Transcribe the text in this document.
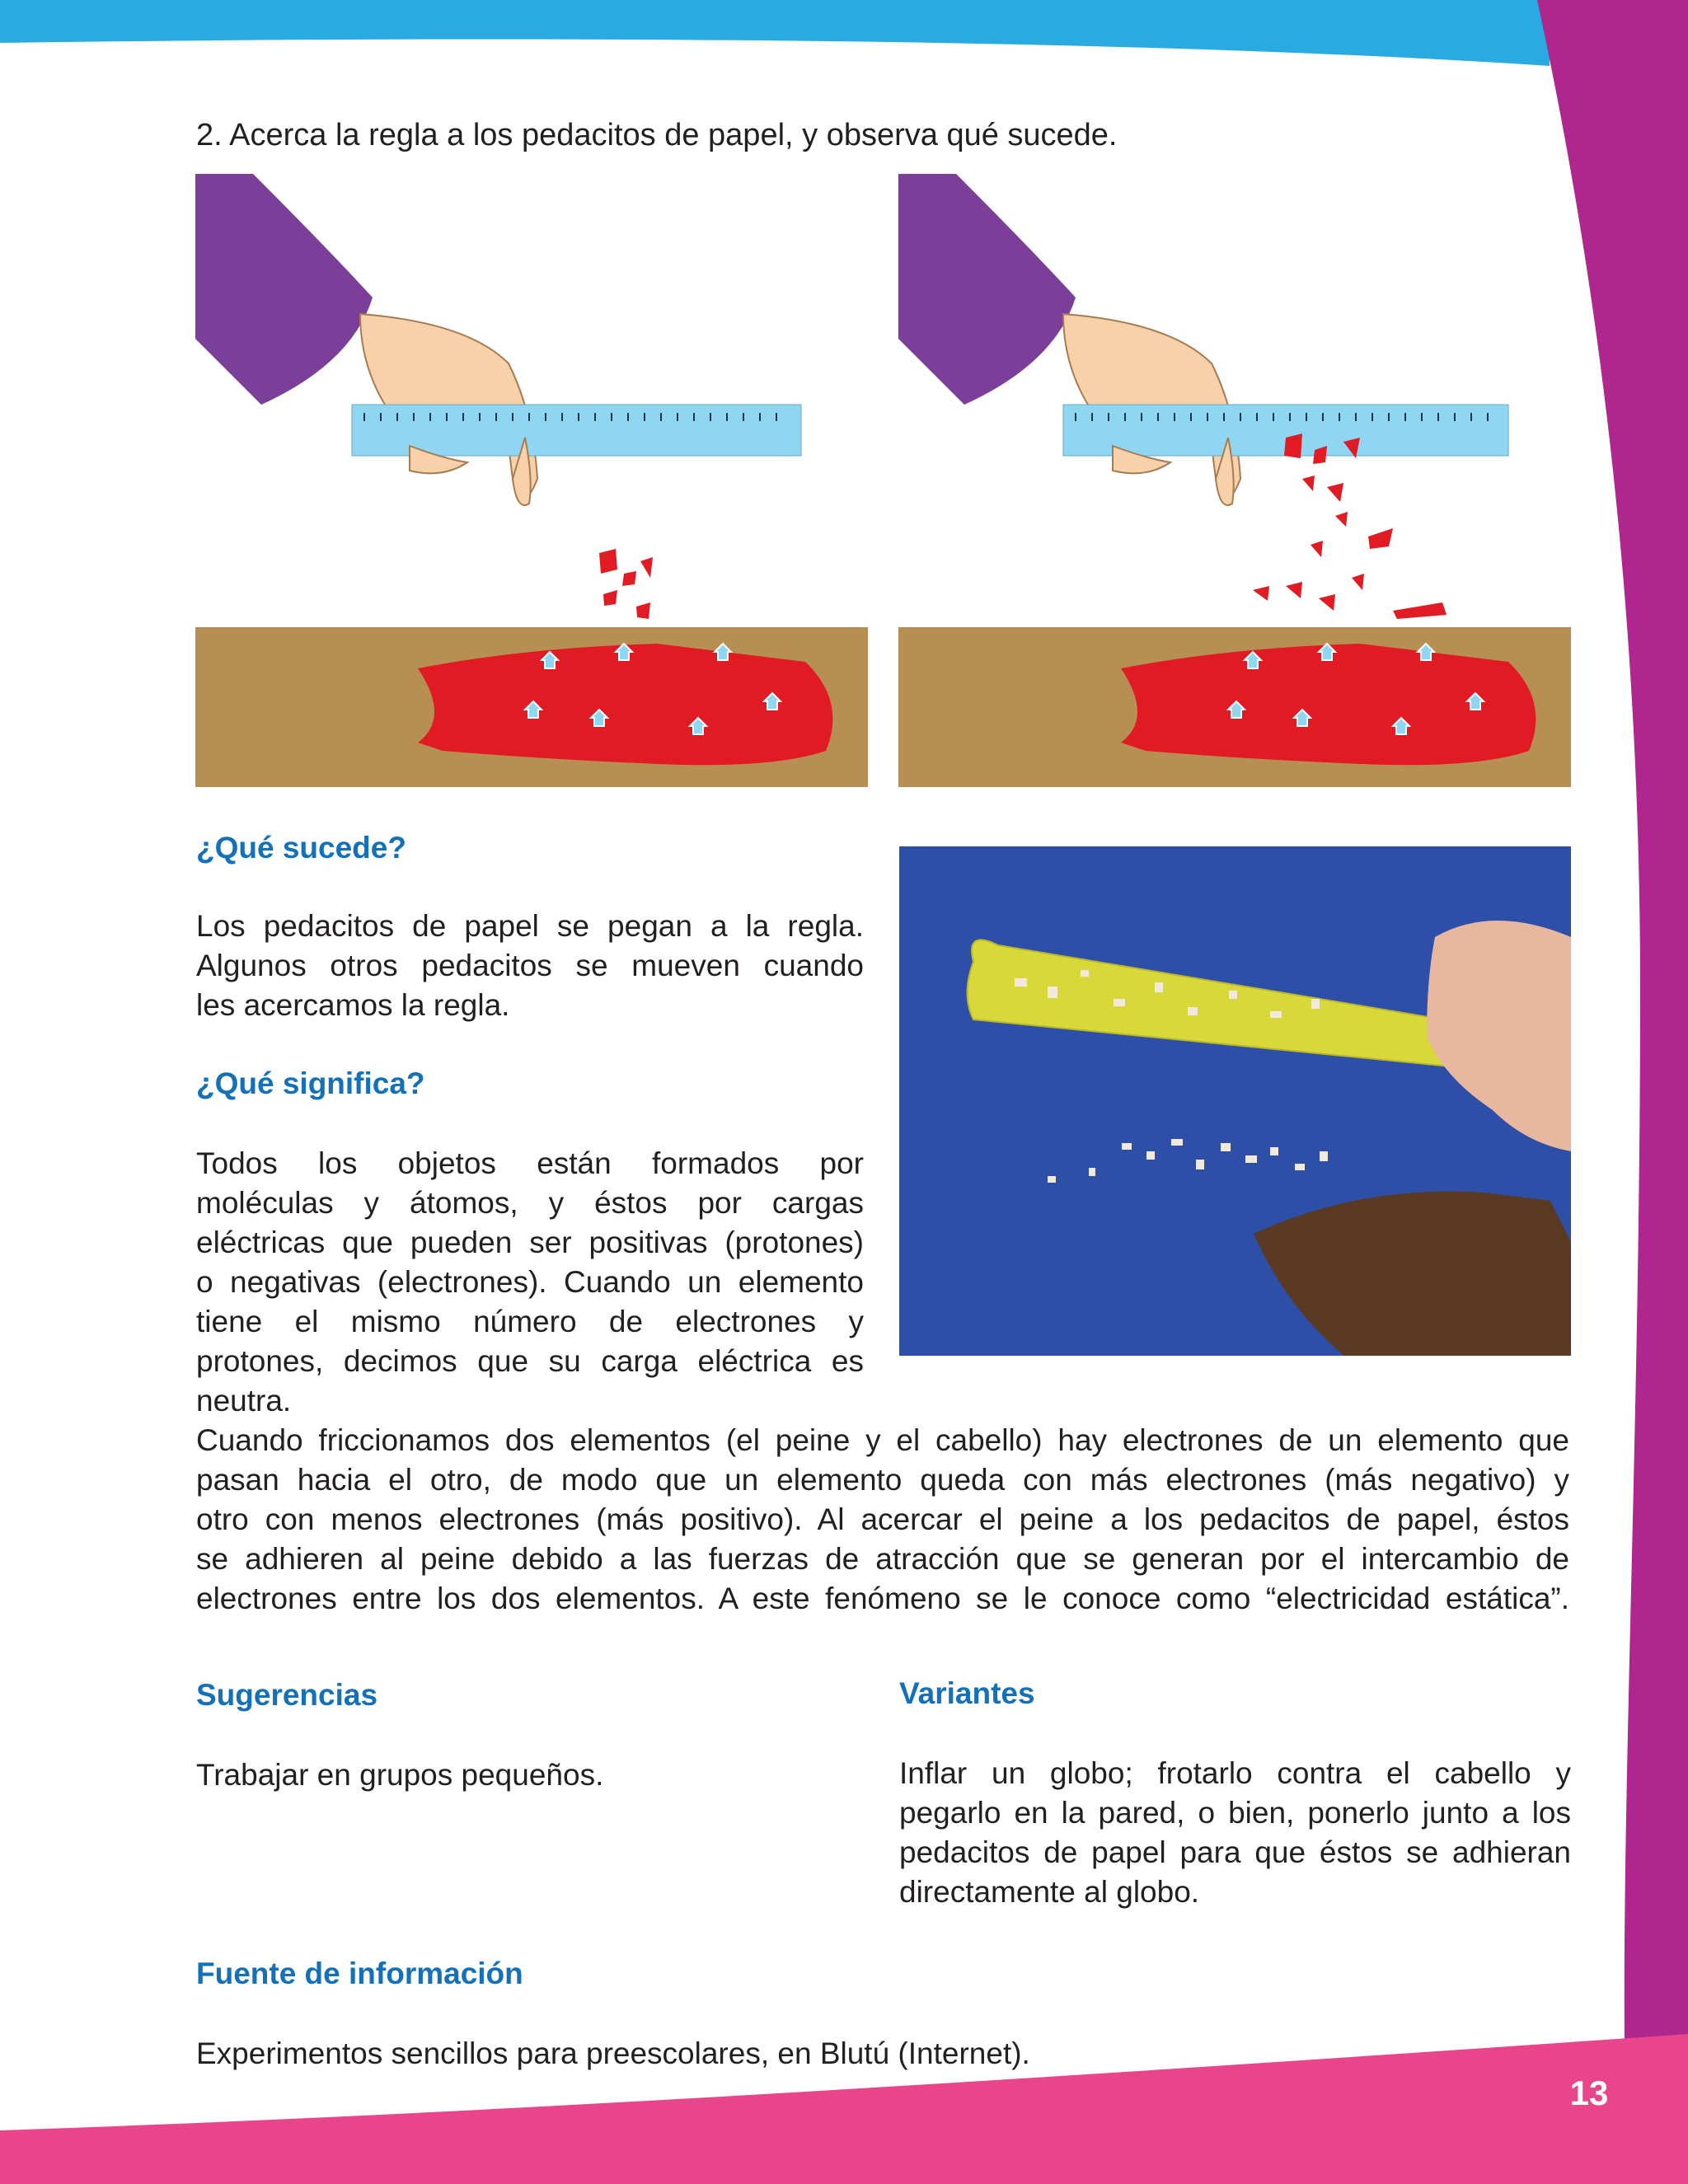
13

2. Acerca la regla a los pedacitos de papel, y observa qué sucede.

¿Qué sucede?

Los pedacitos de papel se pegan a la regla.

Algunos otros pedacitos se mueven cuando

les acercamos la regla.

¿Qué significa?

Todos los objetos están formados por

moléculas y átomos, y éstos por cargas

eléctricas que pueden ser positivas (protones)

o negativas (electrones). Cuando un elemento

tiene el mismo número de electrones y

protones, decimos que su carga eléctrica es

neutra.

Cuando friccionamos dos elementos (el peine y el cabello) hay electrones de un elemento que

pasan hacia el otro, de modo que un elemento queda con más electrones (más negativo) y

otro con menos electrones (más positivo). Al acercar el peine a los pedacitos de papel, éstos

se adhieren al peine debido a las fuerzas de atracción que se generan por el intercambio de

electrones entre los dos elementos. A este fenómeno se le conoce como “electricidad estática”.

Sugerencias

Trabajar en grupos pequeños.

Variantes

Inflar un globo; frotarlo contra el cabello y

pegarlo en la pared, o bien, ponerlo junto a los

pedacitos de papel para que éstos se adhieran

directamente al globo.

Fuente de información

Experimentos sencillos para preescolares, en Blutú (Internet).
